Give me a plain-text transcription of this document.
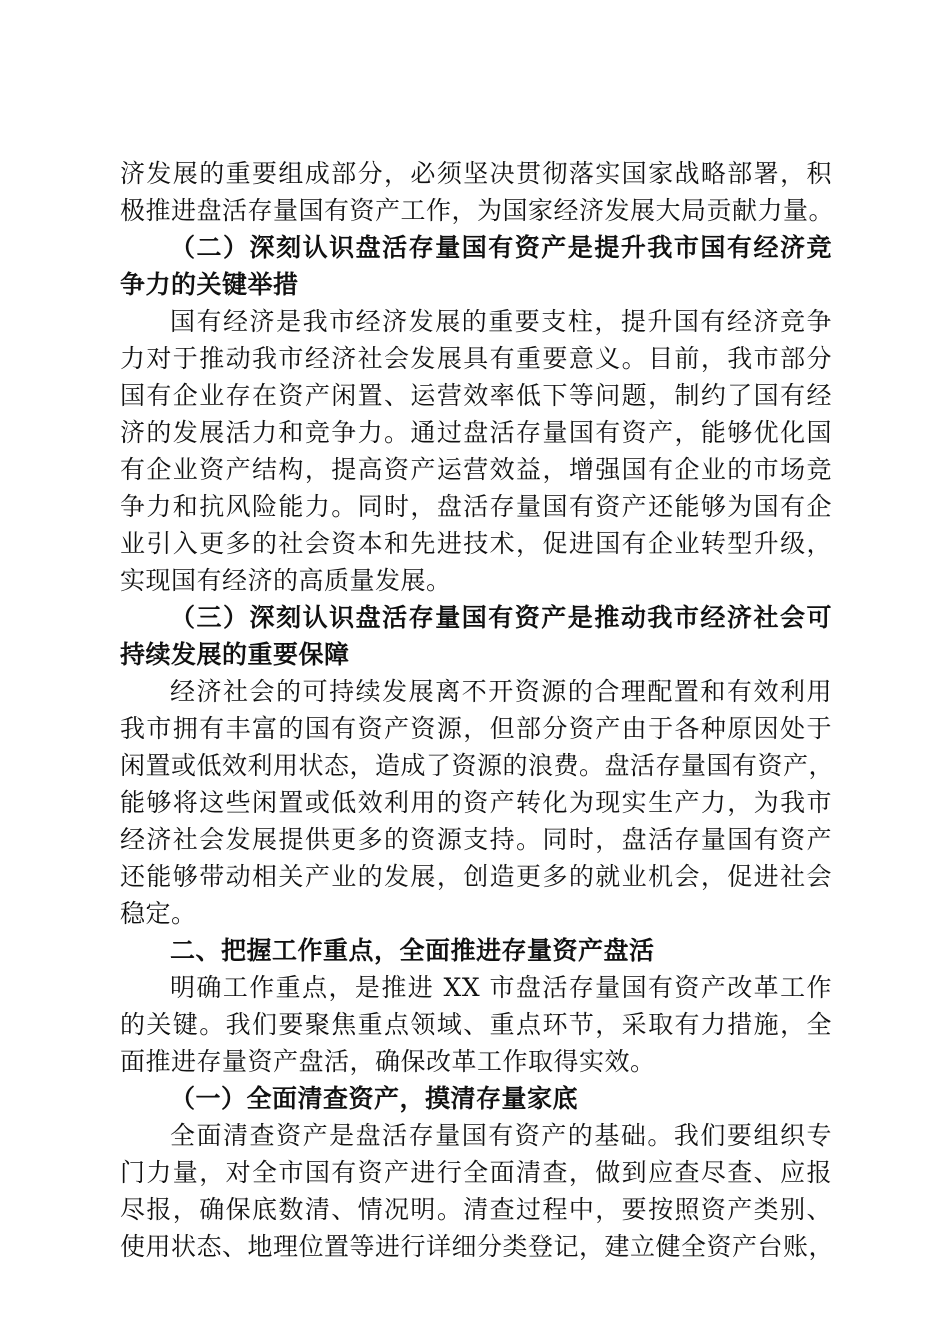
济发展的重要组成部分，必须坚决贯彻落实国家战略部署，积
极推进盘活存量国有资产工作，为国家经济发展大局贡献力量。
（二）深刻认识盘活存量国有资产是提升我市国有经济竞
争力的关键举措
国有经济是我市经济发展的重要支柱，提升国有经济竞争
力对于推动我市经济社会发展具有重要意义。目前，我市部分
国有企业存在资产闲置、运营效率低下等问题，制约了国有经
济的发展活力和竞争力。通过盘活存量国有资产，能够优化国
有企业资产结构，提高资产运营效益，增强国有企业的市场竞
争力和抗风险能力。同时，盘活存量国有资产还能够为国有企
业引入更多的社会资本和先进技术，促进国有企业转型升级，
实现国有经济的高质量发展。
（三）深刻认识盘活存量国有资产是推动我市经济社会可
持续发展的重要保障
经济社会的可持续发展离不开资源的合理配置和有效利用
我市拥有丰富的国有资产资源，但部分资产由于各种原因处于
闲置或低效利用状态，造成了资源的浪费。盘活存量国有资产，
能够将这些闲置或低效利用的资产转化为现实生产力，为我市
经济社会发展提供更多的资源支持。同时，盘活存量国有资产
还能够带动相关产业的发展，创造更多的就业机会，促进社会
稳定。
二、把握工作重点，全面推进存量资产盘活
明确工作重点，是推进 XX 市盘活存量国有资产改革工作
的关键。我们要聚焦重点领域、重点环节，采取有力措施，全
面推进存量资产盘活，确保改革工作取得实效。
（一）全面清查资产，摸清存量家底
全面清查资产是盘活存量国有资产的基础。我们要组织专
门力量，对全市国有资产进行全面清查，做到应查尽查、应报
尽报，确保底数清、情况明。清查过程中，要按照资产类别、
使用状态、地理位置等进行详细分类登记，建立健全资产台账，
